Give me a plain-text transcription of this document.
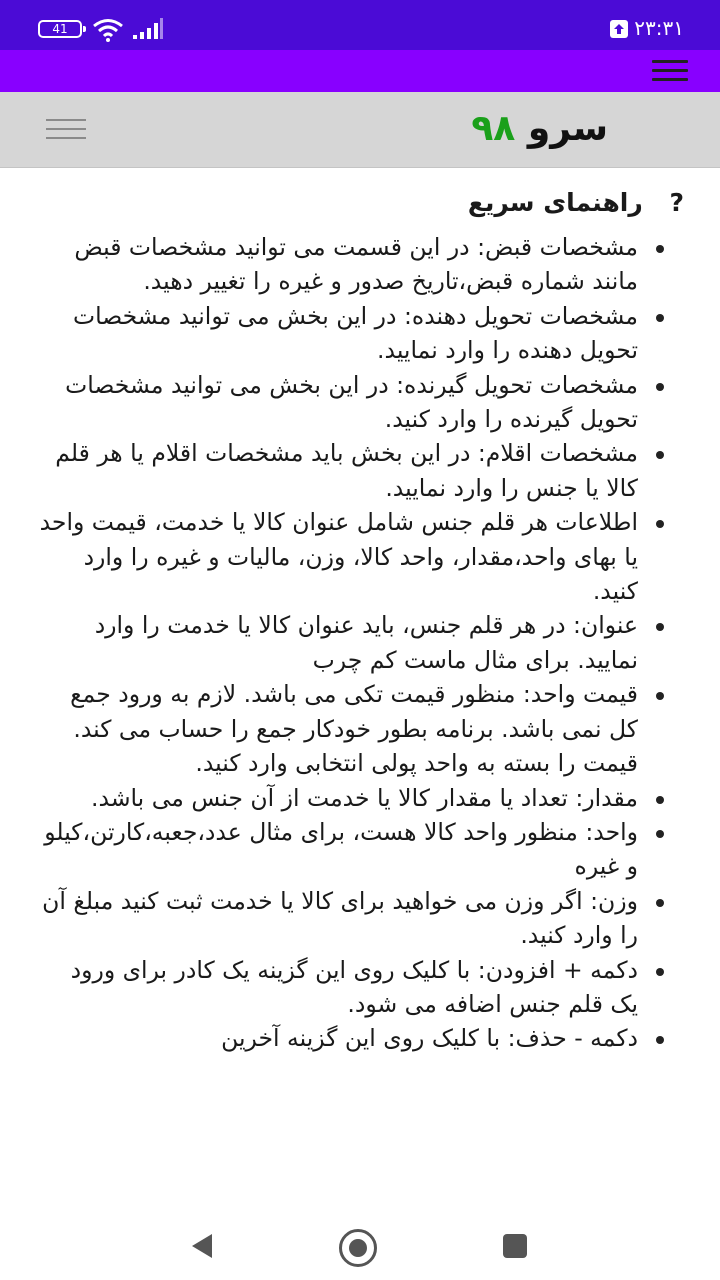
41	۲۳:۳۱
سرو ۹۸
? راهنمای سریع
مشخصات قبض: در این قسمت می توانید مشخصات قبض مانند شماره قبض،تاریخ صدور و غیره را تغییر دهید.
مشخصات تحویل دهنده: در این بخش می توانید مشخصات تحویل دهنده را وارد نمایید.
مشخصات تحویل گیرنده: در این بخش می توانید مشخصات تحویل گیرنده را وارد کنید.
مشخصات اقلام: در این بخش باید مشخصات اقلام یا هر قلم کالا یا جنس را وارد نمایید.
اطلاعات هر قلم جنس شامل عنوان کالا یا خدمت، قیمت واحد یا بهای واحد،مقدار، واحد کالا، وزن، مالیات و غیره را وارد کنید.
عنوان: در هر قلم جنس، باید عنوان کالا یا خدمت را وارد نمایید. برای مثال ماست کم چرب
قیمت واحد: منظور قیمت تکی می باشد. لازم به ورود جمع کل نمی باشد. برنامه بطور خودکار جمع را حساب می کند. قیمت را بسته به واحد پولی انتخابی وارد کنید.
مقدار: تعداد یا مقدار کالا یا خدمت از آن جنس می باشد.
واحد: منظور واحد کالا هست، برای مثال عدد،جعبه،کارتن،کیلو و غیره
وزن: اگر وزن می خواهید برای کالا یا خدمت ثبت کنید مبلغ آن را وارد کنید.
دکمه + افزودن: با کلیک روی این گزینه یک کادر برای ورود یک قلم جنس اضافه می شود.
دکمه - حذف: با کلیک روی این گزینه آخرین
